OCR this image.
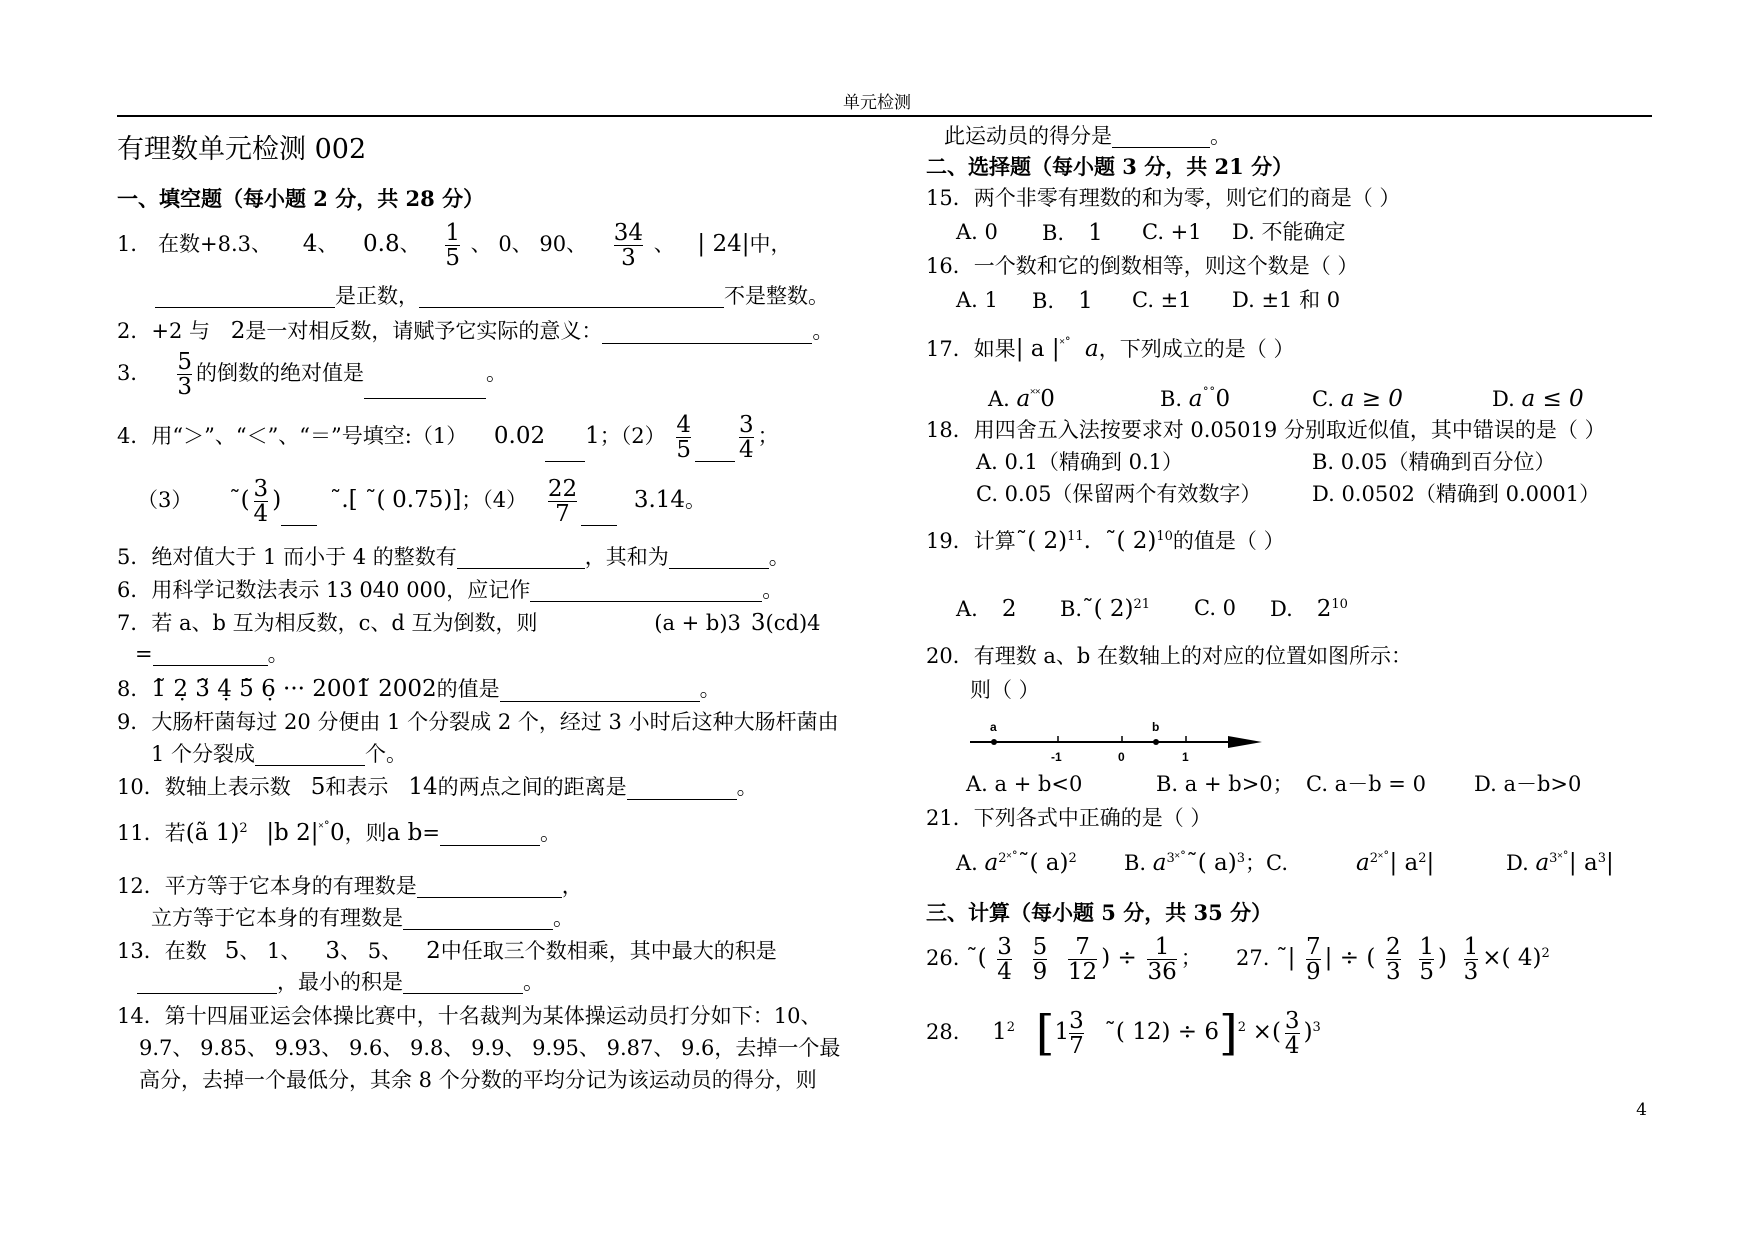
单元检测
4
有理数单元检测 002
一、填空题（每小题 2 分，共 28 分）
1． 在数+8.3、 4、 0.8、 $\frac{1}{5}$ 、 0、 90、 $\frac{34}{3}$ 、 | 24|中，
是正数，	不是整数。
2．+2 与 2是一对相反数，请赋予它实际的意义：	。
3． $\frac{5}{3}$ 的倒数的绝对值是	。
4．用“＞”、“＜”、“＝”号填空:（1） 0.02 1；$(2) \frac{4}{5} \frac{3}{4}$ ；
（3） ˜( $\frac{3}{4}$ ) ˜.[ ˜( 0.75)]；$(4) \frac{22}{7} 3.14$。
5．绝对值大于 1 而小于 4 的整数有	，其和为	。
6．用科学记数法表示 13 040 000，应记作	。
7．若 a、b 互为相反数，c、d 互为倒数，则	(a + b)3 3(cd)4
=	。
8．1̃ 2̣ 3̃ 4̣ 5̃ 6̣ ··· 2001̃ 2002的值是	。
9．大肠杆菌每过 20 分便由 1 个分裂成 2 个，经过 3 小时后这种大肠杆菌由
1 个分裂成	个。
10．数轴上表示数 5和表示 14的两点之间的距离是	。
11．若(ã 1)$^2$ |b 2|˟˚0，则a b=	。
12．平方等于它本身的有理数是	，
立方等于它本身的有理数是	。
13．在数 5、 1、 3、 5、 2中任取三个数相乘，其中最大的积是
，最小的积是	。
14．第十四届亚运会体操比赛中，十名裁判为某体操运动员打分如下：10、
9.7、 9.85、 9.93、 9.6、 9.8、 9.9、 9.95、 9.87、 9.6，去掉一个最
高分，去掉一个最低分，其余 8 个分数的平均分记为该运动员的得分，则
此运动员的得分是	。
二、选择题（每小题 3 分，共 21 分）
15．两个非零有理数的和为零，则它们的商是（ ）
A. 0 B. 1 C. +1 D. 不能确定
16．一个数和它的倒数相等，则这个数是（ ）
A. 1 B. 1 C. ±1 D. ±1 和 0
17．如果| a |˟˚ a，下列成立的是（ ）
A. a˟˟0	B. a˚˚0	C. a ≥ 0	D. a ≤ 0
18．用四舍五入法按要求对 0.05019 分别取近似值，其中错误的是（ ）
A. 0.1（精确到 0.1）	B. 0.05（精确到百分位）
C. 0.05（保留两个有效数字） D. 0.0502（精确到 0.0001）
19．计算˜( 2)$^{11}$. ˜( 2)$^{10}$的值是（ ）
A. 2 B.˜( 2)$^{21}$ C. 0 D. $2^{10}$
20．有理数 a、b 在数轴上的对应的位置如图所示：
则（ ）
a	b
-1	0	1
A. a + b<0	B. a + b>0； C. a－b = 0 D. a－b>0
21．下列各式中正确的是（ ）
A. $a^{2˟˚}˜$( a)$^2$ B. $a^{3˟˚}˜$( a)$^3$；C.	$a^{2˟˚}|$ $a^2|$	D. $a^{3˟˚}|$ $a^3|$
三、计算（每小题 5 分，共 35 分）
26. ˜( $\frac{3}{4}$
$\frac{5}{9}$
$\frac{7}{12}$ ) ÷ $\frac{1}{36}$ ； 27. ˜| $\frac{7}{9}$ | ÷ ( $\frac{2}{3}$
$\frac{1}{5}$ ) $\frac{1}{3}$ ×( 4)$^2$
28. $1^2$ [$1 \frac{3}{7}$ ˜( 12) ÷ 6]$^2$ ×( $\frac{3}{4} )^3$
